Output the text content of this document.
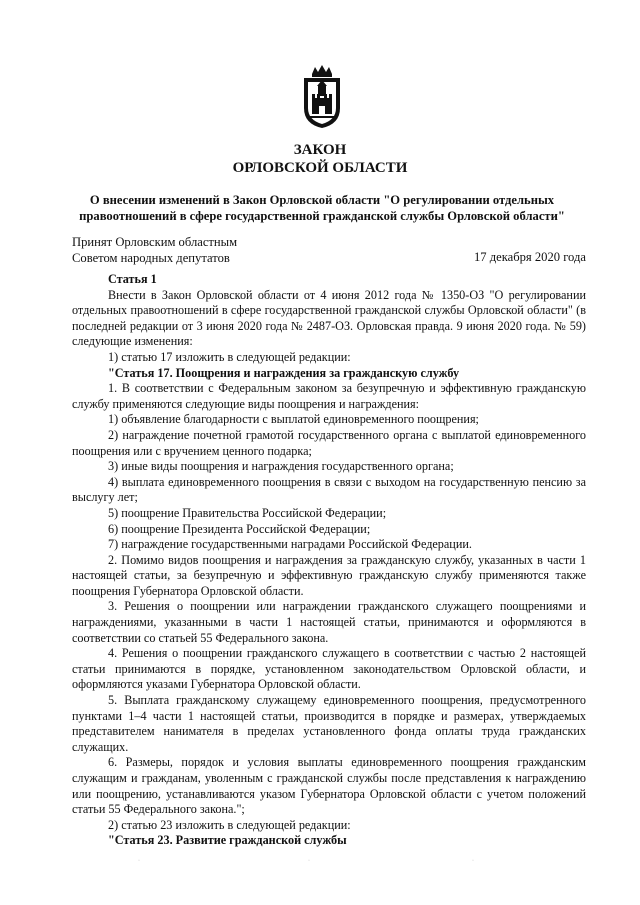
ЗАКОН
ОРЛОВСКОЙ ОБЛАСТИ
О внесении изменений в Закон Орловской области "О регулировании отдельных правоотношений в сфере государственной гражданской службы Орловской области"
Принят Орловским областным
Советом народных депутатов	17 декабря 2020 года

Статья 1

Внести в Закон Орловской области от 4 июня 2012 года № 1350-ОЗ "О регулировании отдельных правоотношений в сфере государственной гражданской службы Орловской области" (в последней редакции от 3 июня 2020 года № 2487-ОЗ. Орловская правда. 9 июня 2020 года. № 59) следующие изменения:

1) статью 17 изложить в следующей редакции:

"Статья 17. Поощрения и награждения за гражданскую службу

1. В соответствии с Федеральным законом за безупречную и эффективную гражданскую службу применяются следующие виды поощрения и награждения:

1) объявление благодарности с выплатой единовременного поощрения;

2) награждение почетной грамотой государственного органа с выплатой единовременного поощрения или с вручением ценного подарка;

3) иные виды поощрения и награждения государственного органа;

4) выплата единовременного поощрения в связи с выходом на государственную пенсию за выслугу лет;

5) поощрение Правительства Российской Федерации;

6) поощрение Президента Российской Федерации;

7) награждение государственными наградами Российской Федерации.

2. Помимо видов поощрения и награждения за гражданскую службу, указанных в части 1 настоящей статьи, за безупречную и эффективную гражданскую службу применяются также поощрения Губернатора Орловской области.

3. Решения о поощрении или награждении гражданского служащего поощрениями и награждениями, указанными в части 1 настоящей статьи, принимаются и оформляются в соответствии со статьей 55 Федерального закона.

4. Решения о поощрении гражданского служащего в соответствии с частью 2 настоящей статьи принимаются в порядке, установленном законодательством Орловской области, и оформляются указами Губернатора Орловской области.

5. Выплата гражданскому служащему единовременного поощрения, предусмотренного пунктами 1–4 части 1 настоящей статьи, производится в порядке и размерах, утверждаемых представителем нанимателя в пределах установленного фонда оплаты труда гражданских служащих.

6. Размеры, порядок и условия выплаты единовременного поощрения гражданским служащим и гражданам, уволенным с гражданской службы после представления к награждению или поощрению, устанавливаются указом Губернатора Орловской области с учетом положений статьи 55 Федерального закона.";

2) статью 23 изложить в следующей редакции:

"Статья 23. Развитие гражданской службы

·	·	·
